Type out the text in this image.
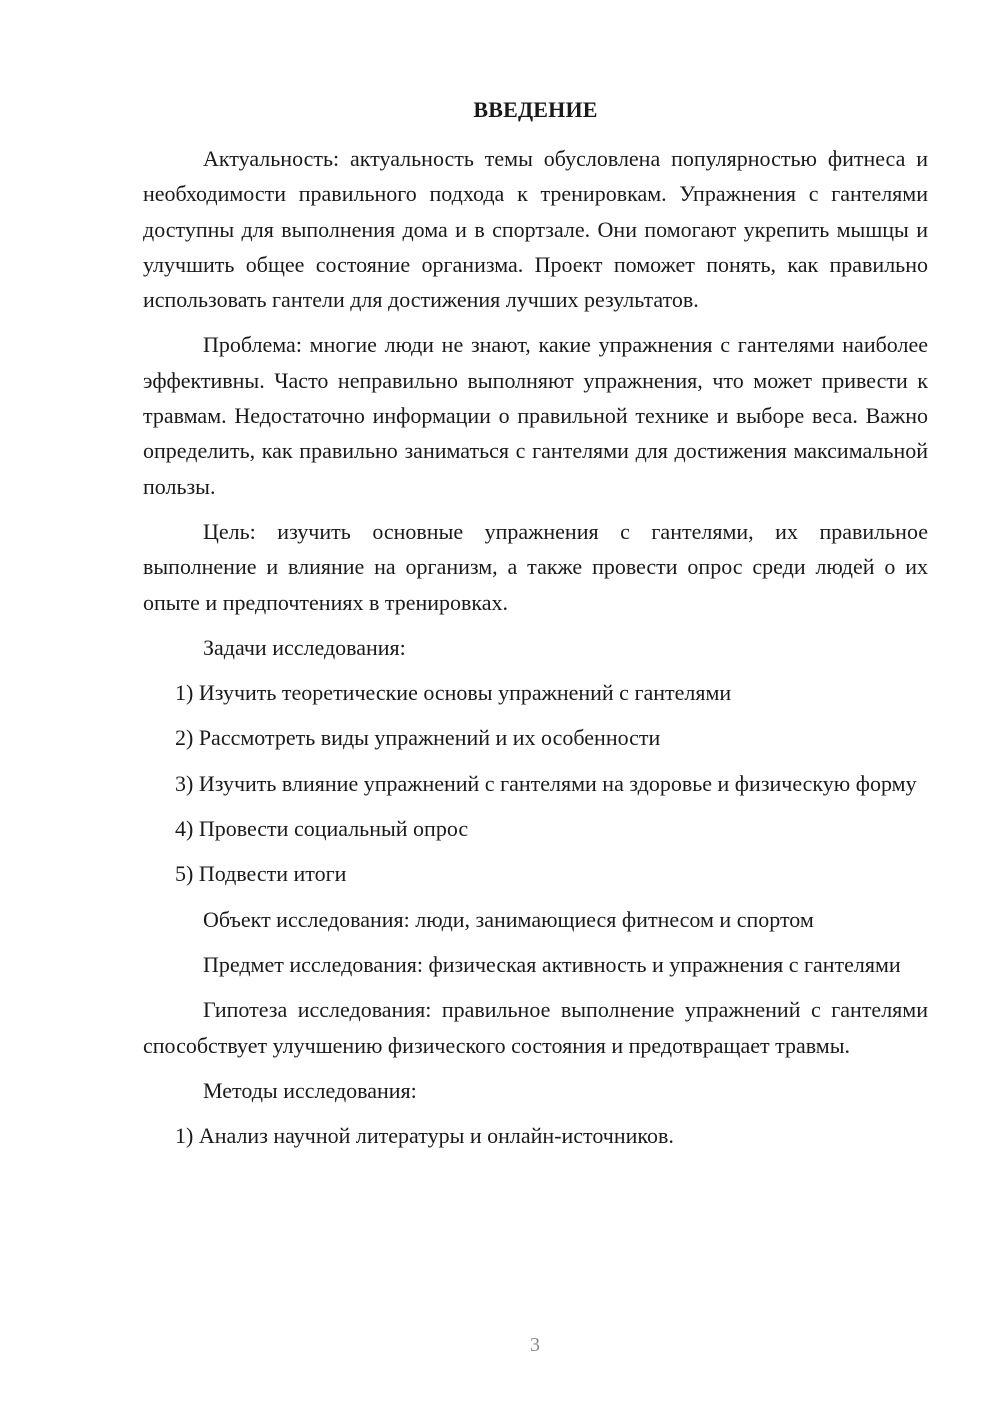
ВВЕДЕНИЕ

Актуальность: актуальность темы обусловлена популярностью фитнеса и необходимости правильного подхода к тренировкам. Упражнения с гантелями доступны для выполнения дома и в спортзале. Они помогают укрепить мышцы и улучшить общее состояние организма. Проект поможет понять, как правильно использовать гантели для достижения лучших результатов.

Проблема: многие люди не знают, какие упражнения с гантелями наиболее эффективны. Часто неправильно выполняют упражнения, что может привести к травмам. Недостаточно информации о правильной технике и выборе веса. Важно определить, как правильно заниматься с гантелями для достижения максимальной пользы.

Цель: изучить основные упражнения с гантелями, их правильное выполнение и влияние на организм, а также провести опрос среди людей о их опыте и предпочтениях в тренировках.

Задачи исследования:

1) Изучить теоретические основы упражнений с гантелями

2) Рассмотреть виды упражнений и их особенности

3) Изучить влияние упражнений с гантелями на здоровье и физическую форму

4) Провести социальный опрос

5) Подвести итоги

Объект исследования: люди, занимающиеся фитнесом и спортом

Предмет исследования: физическая активность и упражнения с гантелями

Гипотеза исследования: правильное выполнение упражнений с гантелями способствует улучшению физического состояния и предотвращает травмы.

Методы исследования:

1) Анализ научной литературы и онлайн-источников.

3
